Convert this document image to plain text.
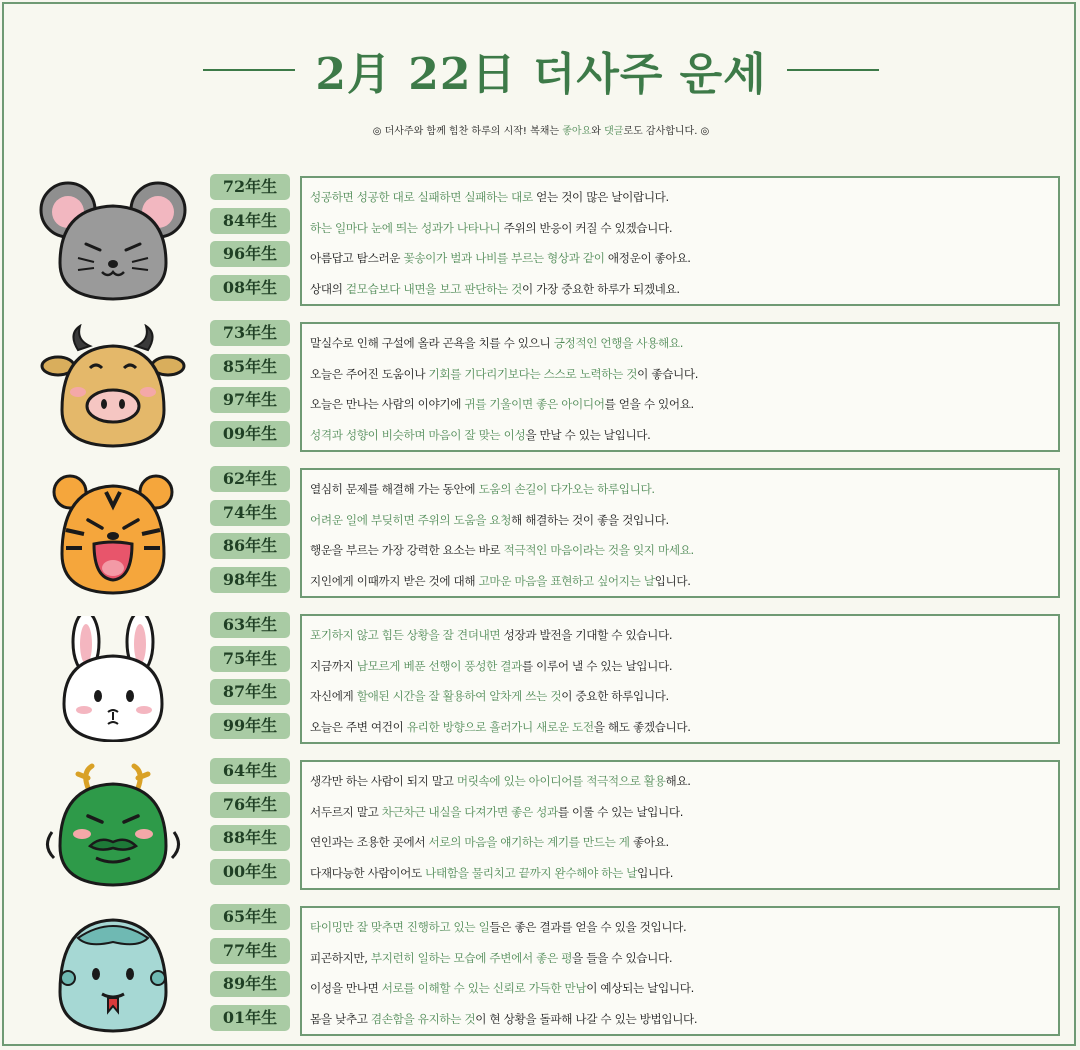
2月 22日 더사주 운세

◎ 더사주와 함께 힘찬 하루의 시작! 복채는 좋아요와 댓글로도 감사합니다. ◎

72年生
84年生
96年生
08年生

성공하면 성공한 대로 실패하면 실패하는 대로 얻는 것이 많은 날이랍니다.

하는 일마다 눈에 띄는 성과가 나타나니 주위의 반응이 커질 수 있겠습니다.

아름답고 탐스러운 꽃송이가 벌과 나비를 부르는 형상과 같이 애정운이 좋아요.

상대의 겉모습보다 내면을 보고 판단하는 것이 가장 중요한 하루가 되겠네요.

73年生
85年生
97年生
09年生

말실수로 인해 구설에 올라 곤욕을 치를 수 있으니 긍정적인 언행을 사용해요.

오늘은 주어진 도움이나 기회를 기다리기보다는 스스로 노력하는 것이 좋습니다.

오늘은 만나는 사람의 이야기에 귀를 기울이면 좋은 아이디어를 얻을 수 있어요.

성격과 성향이 비슷하며 마음이 잘 맞는 이성을 만날 수 있는 날입니다.

62年生
74年生
86年生
98年生

열심히 문제를 해결해 가는 동안에 도움의 손길이 다가오는 하루입니다.

어려운 일에 부딪히면 주위의 도움을 요청해 해결하는 것이 좋을 것입니다.

행운을 부르는 가장 강력한 요소는 바로 적극적인 마음이라는 것을 잊지 마세요.

지인에게 이때까지 받은 것에 대해 고마운 마음을 표현하고 싶어지는 날입니다.

63年生
75年生
87年生
99年生

포기하지 않고 힘든 상황을 잘 견뎌내면 성장과 발전을 기대할 수 있습니다.

지금까지 남모르게 베푼 선행이 풍성한 결과를 이루어 낼 수 있는 날입니다.

자신에게 할애된 시간을 잘 활용하여 알차게 쓰는 것이 중요한 하루입니다.

오늘은 주변 여건이 유리한 방향으로 흘러가니 새로운 도전을 해도 좋겠습니다.

64年生
76年生
88年生
00年生

생각만 하는 사람이 되지 말고 머릿속에 있는 아이디어를 적극적으로 활용해요.

서두르지 말고 차근차근 내실을 다져가면 좋은 성과를 이룰 수 있는 날입니다.

연인과는 조용한 곳에서 서로의 마음을 얘기하는 계기를 만드는 게 좋아요.

다재다능한 사람이어도 나태함을 물리치고 끝까지 완수해야 하는 날입니다.

65年生
77年生
89年生
01年生

타이밍만 잘 맞추면 진행하고 있는 일들은 좋은 결과를 얻을 수 있을 것입니다.

피곤하지만, 부지런히 일하는 모습에 주변에서 좋은 평을 들을 수 있습니다.

이성을 만나면 서로를 이해할 수 있는 신뢰로 가득한 만남이 예상되는 날입니다.

몸을 낮추고 겸손함을 유지하는 것이 현 상황을 돌파해 나갈 수 있는 방법입니다.
